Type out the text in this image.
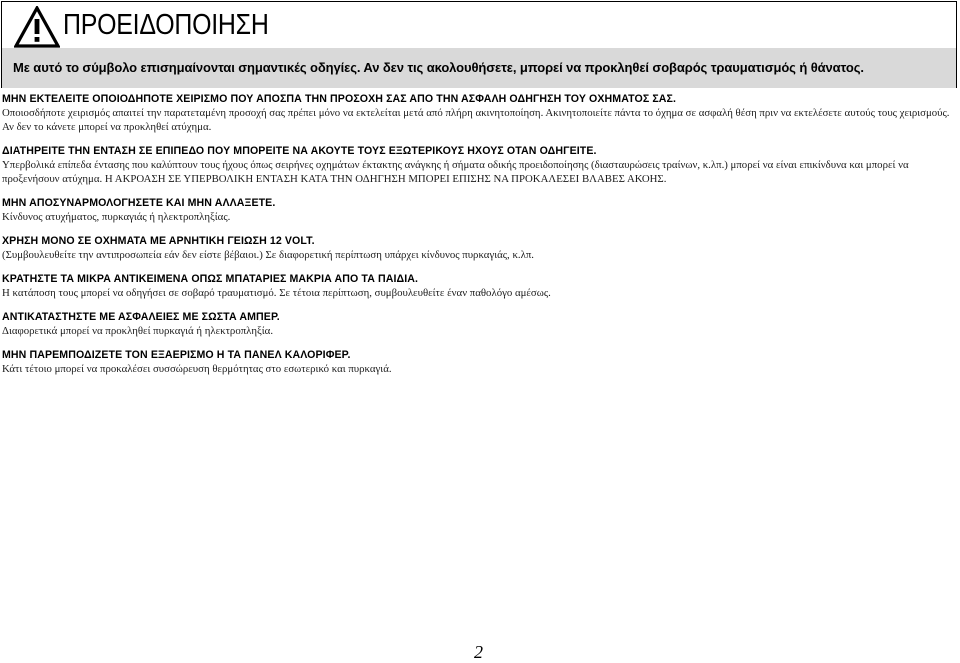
ΠΡΟΕΙΔΟΠΟΙΗΣΗ
Με αυτό το σύμβολο επισημαίνονται σημαντικές οδηγίες. Αν δεν τις ακολουθήσετε, μπορεί να προκληθεί σοβαρός τραυματισμός ή θάνατος.
ΜΗΝ ΕΚΤΕΛΕΙΤΕ ΟΠΟΙΟΔΗΠΟΤΕ ΧΕΙΡΙΣΜΟ ΠΟΥ ΑΠΟΣΠΑ ΤΗΝ ΠΡΟΣΟΧΗ ΣΑΣ ΑΠΟ ΤΗΝ ΑΣΦΑΛΗ ΟΔΗΓΗΣΗ ΤΟΥ ΟΧΗΜΑΤΟΣ ΣΑΣ.
Οποιοσδήποτε χειρισμός απαιτεί την παρατεταμένη προσοχή σας πρέπει μόνο να εκτελείται μετά από πλήρη ακινητοποίηση. Ακινητοποιείτε πάντα το όχημα σε ασφαλή θέση πριν να εκτελέσετε αυτούς τους χειρισμούς. Αν δεν το κάνετε μπορεί να προκληθεί ατύχημα.
ΔΙΑΤΗΡΕΙΤΕ ΤΗΝ ΕΝΤΑΣΗ ΣΕ ΕΠΙΠΕΔΟ ΠΟΥ ΜΠΟΡΕΙΤΕ ΝΑ ΑΚΟΥΤΕ ΤΟΥΣ ΕΞΩΤΕΡΙΚΟΥΣ ΗΧΟΥΣ ΟΤΑΝ ΟΔΗΓΕΙΤΕ.
Υπερβολικά επίπεδα έντασης που καλύπτουν τους ήχους όπως σειρήνες οχημάτων έκτακτης ανάγκης ή σήματα οδικής προειδοποίησης (διασταυρώσεις τραίνων, κ.λπ.) μπορεί να είναι επικίνδυνα και μπορεί να προξενήσουν ατύχημα. Η ΑΚΡΟΑΣΗ ΣΕ ΥΠΕΡΒΟΛΙΚΗ ΕΝΤΑΣΗ ΚΑΤΑ ΤΗΝ ΟΔΗΓΗΣΗ ΜΠΟΡΕΙ ΕΠΙΣΗΣ ΝΑ ΠΡΟΚΑΛΕΣΕΙ ΒΛΑΒΕΣ ΑΚΟΗΣ.
ΜΗΝ ΑΠΟΣΥΝΑΡΜΟΛΟΓΗΣΕΤΕ ΚΑΙ ΜΗΝ ΑΛΛΑΞΕΤΕ.
Κίνδυνος ατυχήματος, πυρκαγιάς ή ηλεκτροπληξίας.
ΧΡΗΣΗ ΜΟΝΟ ΣΕ ΟΧΗΜΑΤΑ ΜΕ ΑΡΝΗΤΙΚΗ ΓΕΙΩΣΗ 12 VOLT.
(Συμβουλευθείτε την αντιπροσωπεία εάν δεν είστε βέβαιοι.) Σε διαφορετική περίπτωση υπάρχει κίνδυνος πυρκαγιάς, κ.λπ.
ΚΡΑΤΗΣΤΕ ΤΑ ΜΙΚΡΑ ΑΝΤΙΚΕΙΜΕΝΑ ΟΠΩΣ ΜΠΑΤΑΡΙΕΣ ΜΑΚΡΙΑ ΑΠΟ ΤΑ ΠΑΙΔΙΑ.
Η κατάποση τους μπορεί να οδηγήσει σε σοβαρό τραυματισμό. Σε τέτοια περίπτωση, συμβουλευθείτε έναν παθολόγο αμέσως.
ΑΝΤΙΚΑΤΑΣΤΗΣΤΕ ΜΕ ΑΣΦΑΛΕΙΕΣ ΜΕ ΣΩΣΤΑ ΑΜΠΕΡ.
Διαφορετικά μπορεί να προκληθεί πυρκαγιά ή ηλεκτροπληξία.
ΜΗΝ ΠΑΡΕΜΠΟΔΙΖΕΤΕ ΤΟΝ ΕΞΑΕΡΙΣΜΟ Η ΤΑ ΠΑΝΕΛ ΚΑΛΟΡΙΦΕΡ.
Κάτι τέτοιο μπορεί να προκαλέσει συσσώρευση θερμότητας στο εσωτερικό και πυρκαγιά.
2
